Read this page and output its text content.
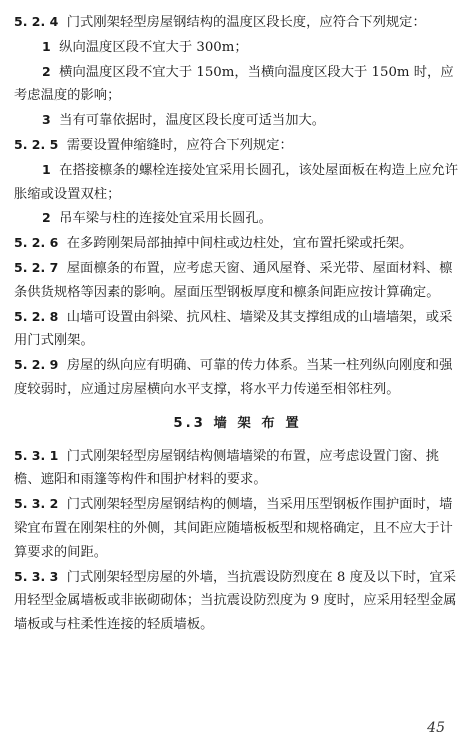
5. 2. 4 门式刚架轻型房屋钢结构的温度区段长度，应符合下列规定：

1 纵向温度区段不宜大于 300m；

2 横向温度区段不宜大于 150m，当横向温度区段大于 150m 时，应考虑温度的影响；

3 当有可靠依据时，温度区段长度可适当加大。

5. 2. 5 需要设置伸缩缝时，应符合下列规定：

1 在搭接檩条的螺栓连接处宜采用长圆孔，该处屋面板在构造上应允许胀缩或设置双柱；

2 吊车梁与柱的连接处宜采用长圆孔。

5. 2. 6 在多跨刚架局部抽掉中间柱或边柱处，宜布置托梁或托架。

5. 2. 7 屋面檩条的布置，应考虑天窗、通风屋脊、采光带、屋面材料、檩条供货规格等因素的影响。屋面压型钢板厚度和檩条间距应按计算确定。

5. 2. 8 山墙可设置由斜梁、抗风柱、墙梁及其支撑组成的山墙墙架，或采用门式刚架。

5. 2. 9 房屋的纵向应有明确、可靠的传力体系。当某一柱列纵向刚度和强度较弱时，应通过房屋横向水平支撑，将水平力传递至相邻柱列。

5.3 墙 架 布 置

5. 3. 1 门式刚架轻型房屋钢结构侧墙墙梁的布置，应考虑设置门窗、挑檐、遮阳和雨篷等构件和围护材料的要求。

5. 3. 2 门式刚架轻型房屋钢结构的侧墙，当采用压型钢板作围护面时，墙梁宜布置在刚架柱的外侧，其间距应随墙板板型和规格确定，且不应大于计算要求的间距。

5. 3. 3 门式刚架轻型房屋的外墙，当抗震设防烈度在 8 度及以下时，宜采用轻型金属墙板或非嵌砌砌体；当抗震设防烈度为 9 度时，应采用轻型金属墙板或与柱柔性连接的轻质墙板。

45
